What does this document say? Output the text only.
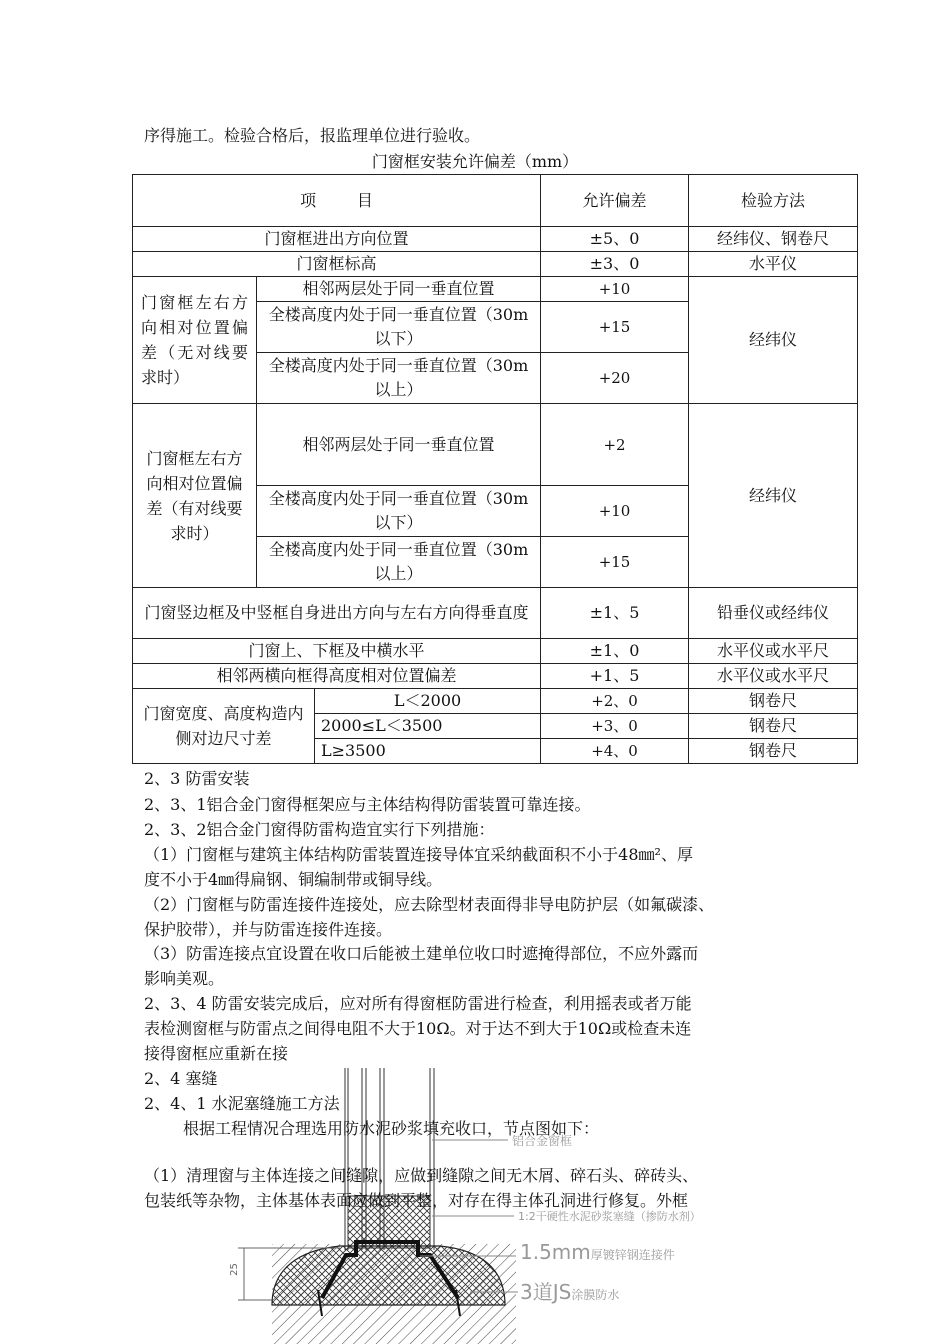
序得施工。检验合格后，报监理单位进行验收。
门窗框安装允许偏差（mm）
项        目			允许偏差	检验方法
门窗框进出方向位置			±5、0	经纬仪、钢卷尺
门窗框标高			±3、0	水平仪
门窗框左右方向相对位置偏差（无对线要求时）	相邻两层处于同一垂直位置		+10	经纬仪
	全楼高度内处于同一垂直位置（30m以下）		+15	
	全楼高度内处于同一垂直位置（30m以上）		+20	
门窗框左右方向相对位置偏差（有对线要求时）	相邻两层处于同一垂直位置		+2	经纬仪
	全楼高度内处于同一垂直位置（30m以下）		+10	
	全楼高度内处于同一垂直位置（30m以上）		+15	
门窗竖边框及中竖框自身进出方向与左右方向得垂直度			±1、5	铅垂仪或经纬仪
门窗上、下框及中横水平			±1、0	水平仪或水平尺
相邻两横向框得高度相对位置偏差			+1、5	水平仪或水平尺
门窗宽度、高度构造内侧对边尺寸差		L＜2000	+2、0	钢卷尺
		2000≤L＜3500	+3、0	钢卷尺
		L≥3500	+4、0	钢卷尺
2、3 防雷安装
2、3、1铝合金门窗得框架应与主体结构得防雷装置可靠连接。
2、3、2铝合金门窗得防雷构造宜实行下列措施：
（1）门窗框与建筑主体结构防雷装置连接导体宜采纳截面积不小于48㎜²、厚
度不小于4㎜得扁钢、铜编制带或铜导线。
（2）门窗框与防雷连接件连接处，应去除型材表面得非导电防护层（如氟碳漆、
保护胶带），并与防雷连接件连接。
（3）防雷连接点宜设置在收口后能被土建单位收口时遮掩得部位，不应外露而
影响美观。
2、3、4 防雷安装完成后，应对所有得窗框防雷进行检查，利用摇表或者万能
表检测窗框与防雷点之间得电阻不大于10Ω。对于达不到大于10Ω或检查未连
接得窗框应重新在接
2、4 塞缝
2、4、1 水泥塞缝施工方法
根据工程情况合理选用防水泥砂浆填充收口，节点图如下：
（1）清理窗与主体连接之间缝隙，应做到缝隙之间无木屑、碎石头、碎砖头、
包装纸等杂物，主体基体表面应做到平整，对存在得主体孔洞进行修复。外框
铝合金窗框
1:2干硬性水泥砂浆塞缝（掺防水剂）
1.5mm厚镀锌钢连接件
3道JS涂膜防水
25
